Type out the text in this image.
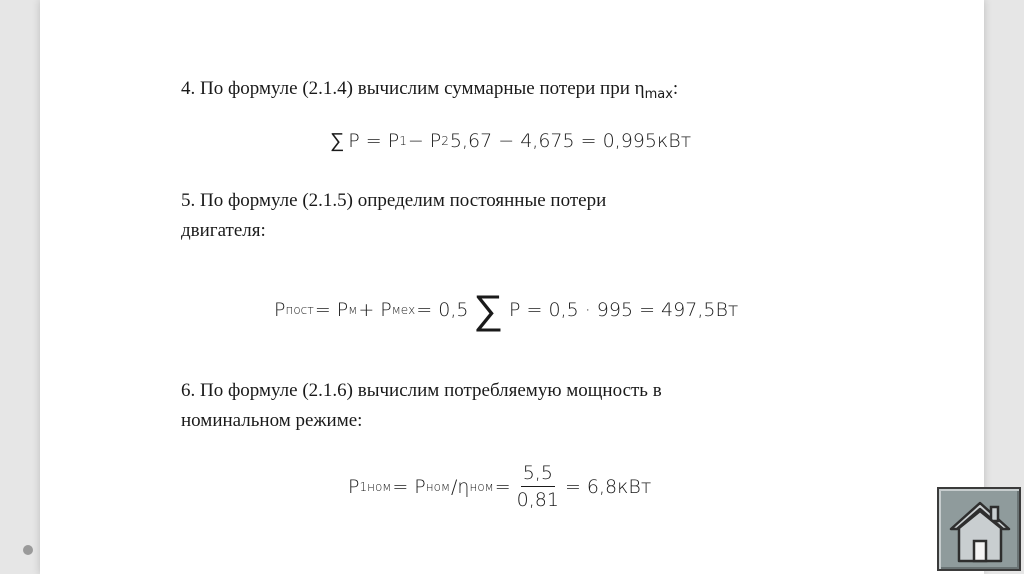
4. По формуле (2.1.4) вычислим суммарные потери при $\eta_{max}$:
∑ P = P 1 − P 2 5,67 − 4,675 = 0,995кВт
5. По формуле (2.1.5) определим постоянные потери
двигателя:
P пост = P м + P мех = 0,5 ∑ P = 0,5 · 995 = 497,5Вт
6. По формуле (2.1.6) вычислим потребляемую мощность в
номинальном режиме:
P 1ном = P ном /η ном = $\frac{5,5}{0,81} = 6,8кВт$
